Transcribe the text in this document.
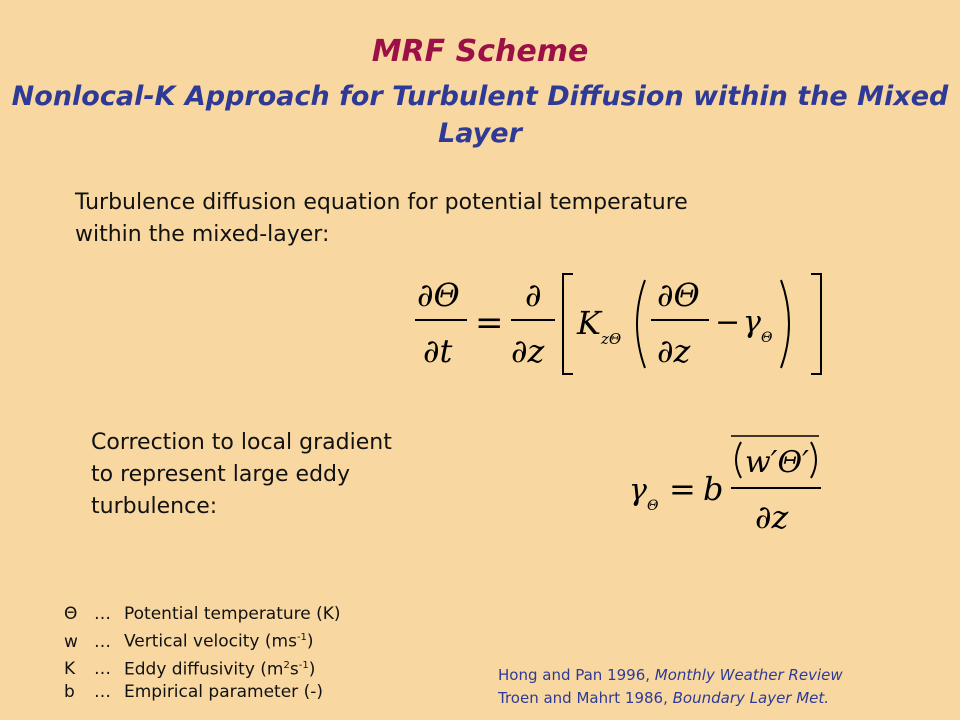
MRF Scheme
Nonlocal-K Approach for Turbulent Diffusion within the Mixed Layer
Turbulence diffusion equation for potential temperature
within the mixed-layer:
∂Θ
∂t
=
∂
∂z
K zΘ
∂Θ
∂z
− γ Θ
Correction to local gradient
to represent large eddy
turbulence:	γ Θ = b
w′Θ′
∂z
Θ … Potential temperature (K)
w … Vertical velocity $(ms^{-1})$
K	… Eddy diffusivity $(m^2s^{-1})$
b	… Empirical parameter (-)
Hong and Pan 1996, Monthly Weather Review
Troen and Mahrt 1986, Boundary Layer Met.
